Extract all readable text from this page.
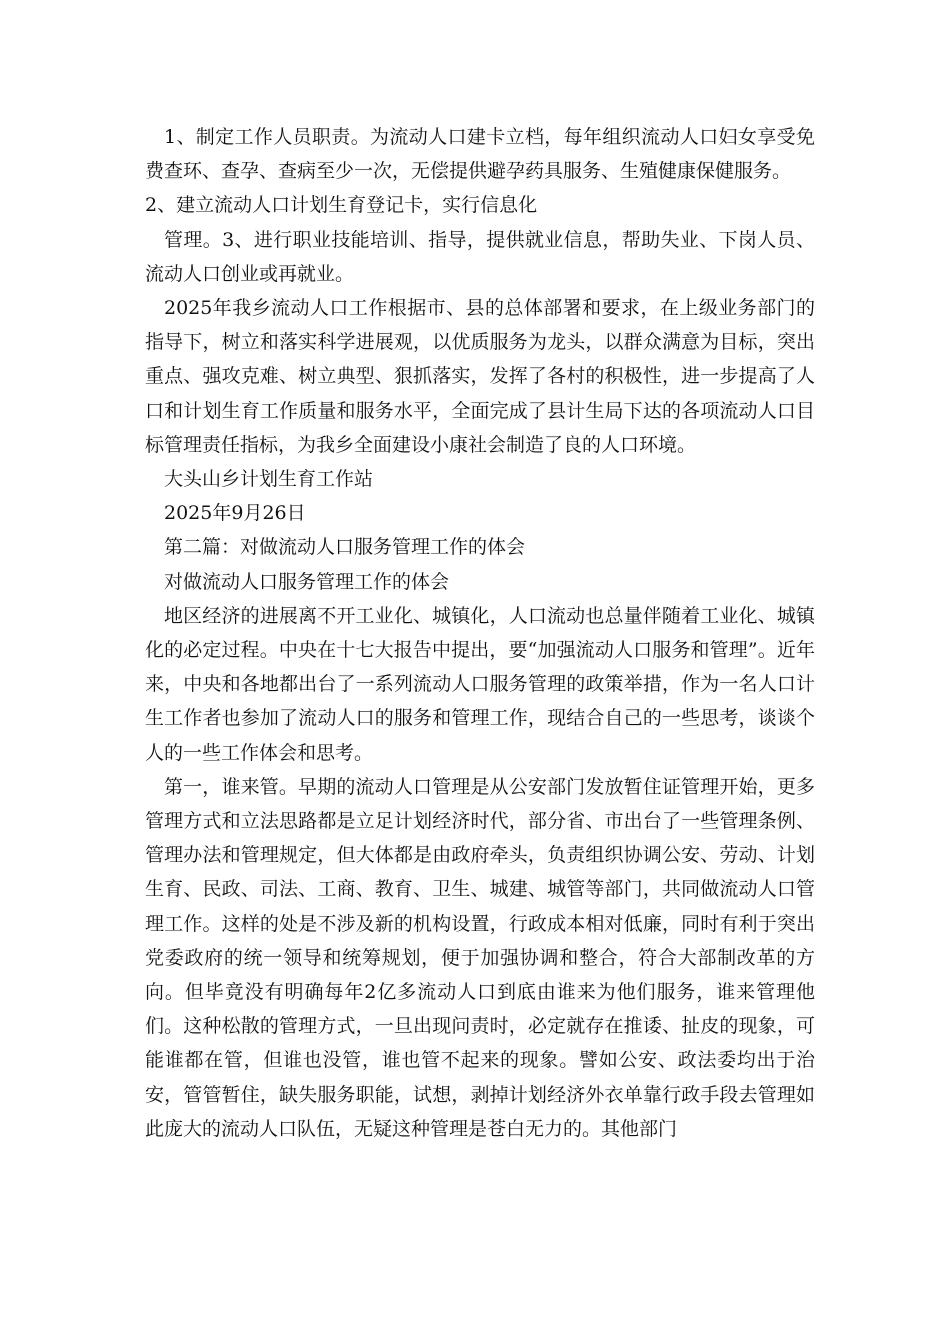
1、制定工作人员职责。为流动人口建卡立档，每年组织流动人口妇女享受免费查环、查孕、查病至少一次，无偿提供避孕药具服务、生殖健康保健服务。

2、建立流动人口计划生育登记卡，实行信息化

管理。3、进行职业技能培训、指导，提供就业信息，帮助失业、下岗人员、流动人口创业或再就业。

2025年我乡流动人口工作根据市、县的总体部署和要求，在上级业务部门的指导下，树立和落实科学进展观，以优质服务为龙头，以群众满意为目标，突出重点、强攻克难、树立典型、狠抓落实，发挥了各村的积极性，进一步提高了人口和计划生育工作质量和服务水平，全面完成了县计生局下达的各项流动人口目标管理责任指标，为我乡全面建设小康社会制造了良的人口环境。

大头山乡计划生育工作站

2025年9月26日

第二篇：对做流动人口服务管理工作的体会

对做流动人口服务管理工作的体会

地区经济的进展离不开工业化、城镇化，人口流动也总量伴随着工业化、城镇化的必定过程。中央在十七大报告中提出，要“加强流动人口服务和管理”。近年来，中央和各地都出台了一系列流动人口服务管理的政策举措，作为一名人口计生工作者也参加了流动人口的服务和管理工作，现结合自己的一些思考，谈谈个人的一些工作体会和思考。

第一，谁来管。早期的流动人口管理是从公安部门发放暂住证管理开始，更多管理方式和立法思路都是立足计划经济时代，部分省、市出台了一些管理条例、管理办法和管理规定，但大体都是由政府牵头，负责组织协调公安、劳动、计划生育、民政、司法、工商、教育、卫生、城建、城管等部门，共同做流动人口管理工作。这样的处是不涉及新的机构设置，行政成本相对低廉，同时有利于突出党委政府的统一领导和统筹规划，便于加强协调和整合，符合大部制改革的方向。但毕竟没有明确每年2亿多流动人口到底由谁来为他们服务，谁来管理他们。这种松散的管理方式，一旦出现问责时，必定就存在推诿、扯皮的现象，可能谁都在管，但谁也没管，谁也管不起来的现象。譬如公安、政法委均出于治安，管管暂住，缺失服务职能，试想，剥掉计划经济外衣单靠行政手段去管理如此庞大的流动人口队伍，无疑这种管理是苍白无力的。其他部门
